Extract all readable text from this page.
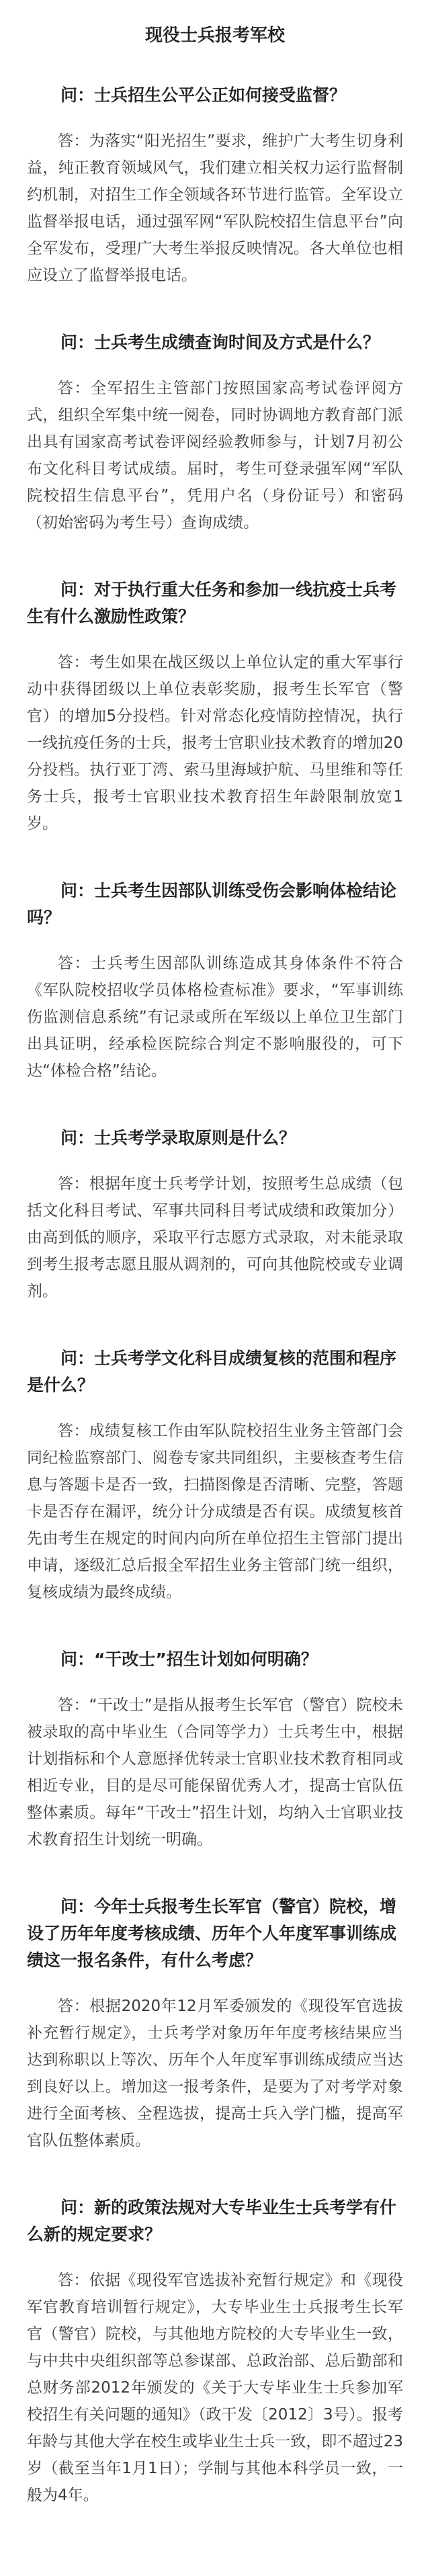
现役士兵报考军校

问：士兵招生公平公正如何接受监督？

答：为落实“阳光招生”要求，维护广大考生切身利益，纯正教育领域风气，我们建立相关权力运行监督制约机制，对招生工作全领域各环节进行监管。全军设立监督举报电话，通过强军网“军队院校招生信息平台”向全军发布，受理广大考生举报反映情况。各大单位也相应设立了监督举报电话。

问：士兵考生成绩查询时间及方式是什么？

答：全军招生主管部门按照国家高考试卷评阅方式，组织全军集中统一阅卷，同时协调地方教育部门派出具有国家高考试卷评阅经验教师参与，计划7月初公布文化科目考试成绩。届时，考生可登录强军网“军队院校招生信息平台”，凭用户名（身份证号）和密码（初始密码为考生号）查询成绩。

问：对于执行重大任务和参加一线抗疫士兵考生有什么激励性政策？

答：考生如果在战区级以上单位认定的重大军事行动中获得团级以上单位表彰奖励，报考生长军官（警官）的增加5分投档。针对常态化疫情防控情况，执行一线抗疫任务的士兵，报考士官职业技术教育的增加20分投档。执行亚丁湾、索马里海域护航、马里维和等任务士兵，报考士官职业技术教育招生年龄限制放宽1岁。

问：士兵考生因部队训练受伤会影响体检结论吗？

答：士兵考生因部队训练造成其身体条件不符合《军队院校招收学员体格检查标准》要求，“军事训练伤监测信息系统”有记录或所在军级以上单位卫生部门出具证明，经承检医院综合判定不影响服役的，可下达“体检合格”结论。

问：士兵考学录取原则是什么？

答：根据年度士兵考学计划，按照考生总成绩（包括文化科目考试、军事共同科目考试成绩和政策加分）由高到低的顺序，采取平行志愿方式录取，对未能录取到考生报考志愿且服从调剂的，可向其他院校或专业调剂。

问：士兵考学文化科目成绩复核的范围和程序是什么？

答：成绩复核工作由军队院校招生业务主管部门会同纪检监察部门、阅卷专家共同组织，主要核查考生信息与答题卡是否一致，扫描图像是否清晰、完整，答题卡是否存在漏评，统分计分成绩是否有误。成绩复核首先由考生在规定的时间内向所在单位招生主管部门提出申请，逐级汇总后报全军招生业务主管部门统一组织，复核成绩为最终成绩。

问：“干改士”招生计划如何明确？

答：“干改士”是指从报考生长军官（警官）院校未被录取的高中毕业生（合同等学力）士兵考生中，根据计划指标和个人意愿择优转录士官职业技术教育相同或相近专业，目的是尽可能保留优秀人才，提高士官队伍整体素质。每年“干改士”招生计划，均纳入士官职业技术教育招生计划统一明确。

问：今年士兵报考生长军官（警官）院校，增设了历年年度考核成绩、历年个人年度军事训练成绩这一报名条件，有什么考虑？

答：根据2020年12月军委颁发的《现役军官选拔补充暂行规定》，士兵考学对象历年年度考核结果应当达到称职以上等次、历年个人年度军事训练成绩应当达到良好以上。增加这一报考条件，是要为了对考学对象进行全面考核、全程选拔，提高士兵入学门槛，提高军官队伍整体素质。

问：新的政策法规对大专毕业生士兵考学有什么新的规定要求？

答：依据《现役军官选拔补充暂行规定》和《现役军官教育培训暂行规定》，大专毕业生士兵报考生长军官（警官）院校，与其他地方院校的大专毕业生一致，与中共中央组织部等总参谋部、总政治部、总后勤部和总财务部2012年颁发的《关于大专毕业生士兵参加军校招生有关问题的通知》（政干发〔2012〕3号）。报考年龄与其他大学在校生或毕业生士兵一致，即不超过23岁（截至当年1月1日）；学制与其他本科学员一致，一般为4年。
